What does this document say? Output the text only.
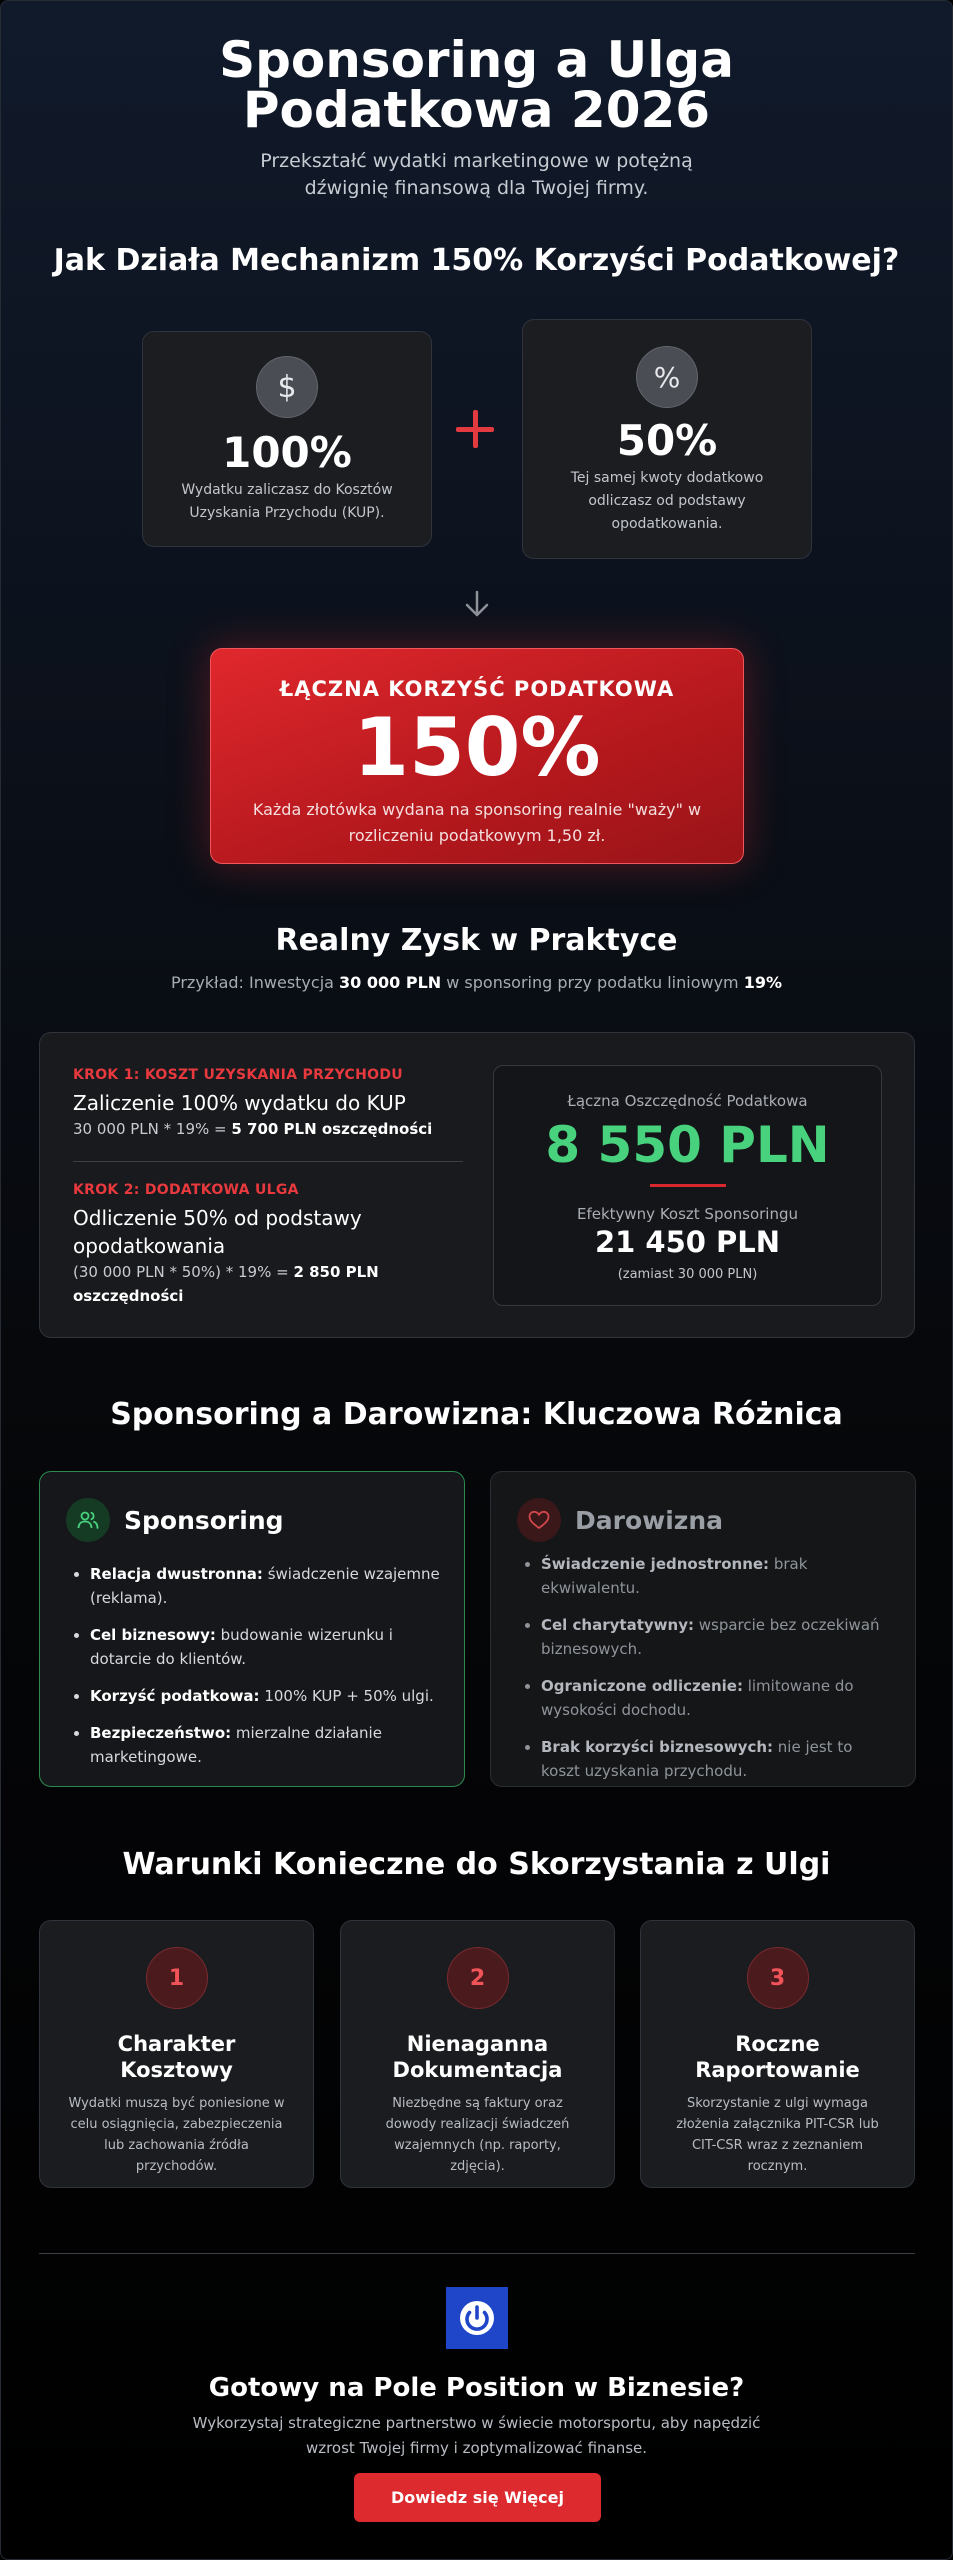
Sponsoring a Ulga Podatkowa 2026

Przekształć wydatki marketingowe w potężną dźwignię finansową dla Twojej firmy.

Jak Działa Mechanizm 150% Korzyści Podatkowej?
$
100%
Wydatku zaliczasz do Kosztów Uzyskania Przychodu (KUP).
%
50%
Tej samej kwoty dodatkowo odliczasz od podstawy opodatkowania.
ŁĄCZNA KORZYŚĆ PODATKOWA
150%
Każda złotówka wydana na sponsoring realnie "waży" w rozliczeniu podatkowym 1,50 zł.
Realny Zysk w Praktyce

Przykład: Inwestycja 30 000 PLN w sponsoring przy podatku liniowym 19%

KROK 1: KOSZT UZYSKANIA PRZYCHODU
Zaliczenie 100% wydatku do KUP
30 000 PLN * 19% = 5 700 PLN oszczędności
KROK 2: DODATKOWA ULGA
Odliczenie 50% od podstawy opodatkowania
(30 000 PLN * 50%) * 19% = 2 850 PLN oszczędności
Łączna Oszczędność Podatkowa
8 550 PLN
Efektywny Koszt Sponsoringu
21 450 PLN
(zamiast 30 000 PLN)
Sponsoring a Darowizna: Kluczowa Różnica
Sponsoring
Relacja dwustronna: świadczenie wzajemne (reklama).
Cel biznesowy: budowanie wizerunku i dotarcie do klientów.
Korzyść podatkowa: 100% KUP + 50% ulgi.
Bezpieczeństwo: mierzalne działanie marketingowe.
Darowizna
Świadczenie jednostronne: brak ekwiwalentu.
Cel charytatywny: wsparcie bez oczekiwań biznesowych.
Ograniczone odliczenie: limitowane do wysokości dochodu.
Brak korzyści biznesowych: nie jest to koszt uzyskania przychodu.
Warunki Konieczne do Skorzystania z Ulgi
1
Charakter Kosztowy
Wydatki muszą być poniesione w celu osiągnięcia, zabezpieczenia lub zachowania źródła przychodów.
2
Nienaganna Dokumentacja
Niezbędne są faktury oraz dowody realizacji świadczeń wzajemnych (np. raporty, zdjęcia).
3
Roczne Raportowanie
Skorzystanie z ulgi wymaga złożenia załącznika PIT-CSR lub CIT-CSR wraz z zeznaniem rocznym.
Gotowy na Pole Position w Biznesie?
Wykorzystaj strategiczne partnerstwo w świecie motorsportu, aby napędzić wzrost Twojej firmy i zoptymalizować finanse.
Dowiedz się Więcej
